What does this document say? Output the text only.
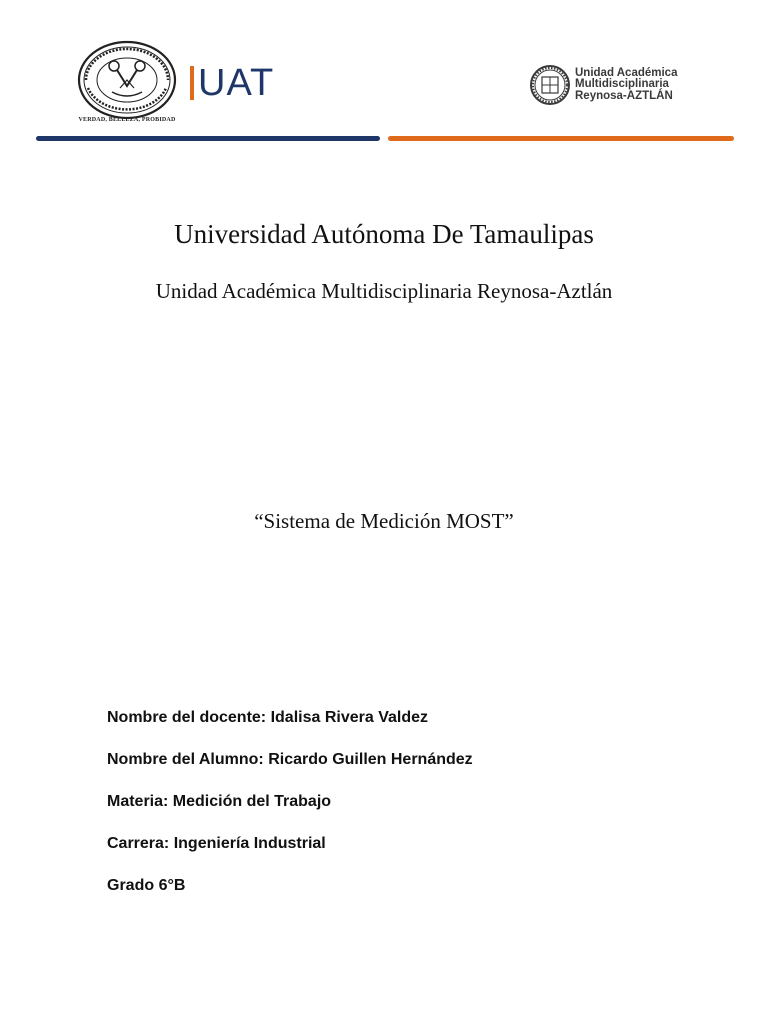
VERDAD, BELLEZA, PROBIDAD
UAT	Unidad Académica
Multidisciplinaria
Reynosa-AZTLÁN
Universidad Autónoma De Tamaulipas
Unidad Académica Multidisciplinaria Reynosa-Aztlán
“Sistema de Medición MOST”
Nombre del docente: Idalisa Rivera Valdez
Nombre del Alumno: Ricardo Guillen Hernández
Materia: Medición del Trabajo
Carrera: Ingeniería Industrial
Grado 6°B
